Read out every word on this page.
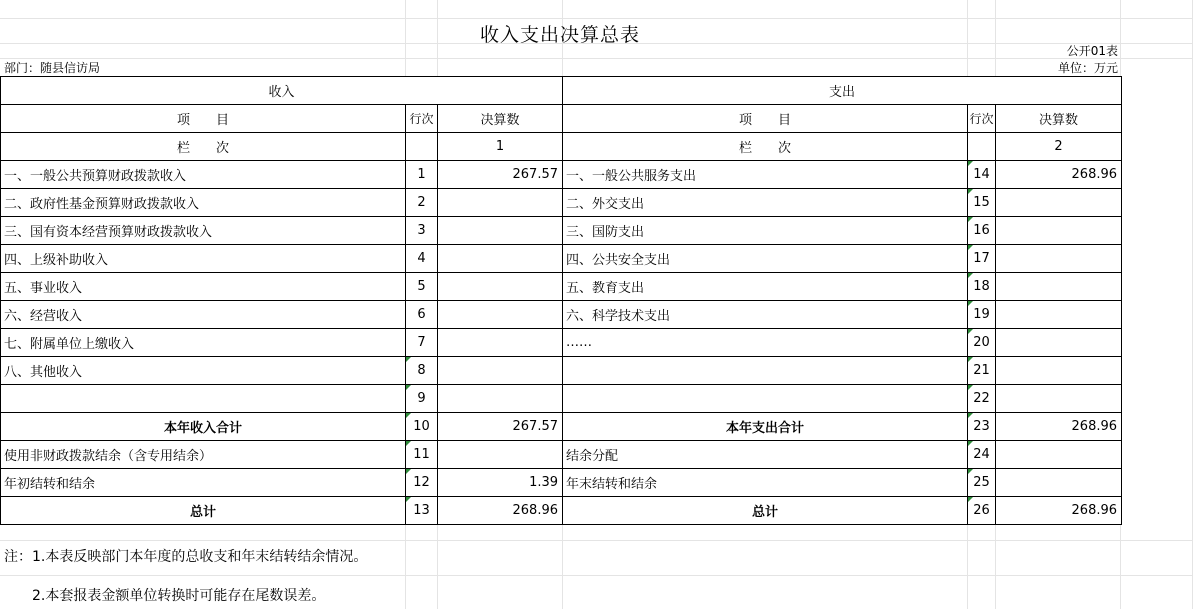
收入支出决算总表
公开01表
部门：随县信访局	单位：万元
收入			支出		
项　　目	行次	决算数	项　　目	行次	决算数
栏　　次		1	栏　　次		2
一、一般公共预算财政拨款收入	1	267.57	一、一般公共服务支出	14	268.96
二、政府性基金预算财政拨款收入	2		二、外交支出	15	
三、国有资本经营预算财政拨款收入	3		三、国防支出	16	
四、上级补助收入	4		四、公共安全支出	17	
五、事业收入	5		五、教育支出	18	
六、经营收入	6		六、科学技术支出	19	
七、附属单位上缴收入	7		……	20	
八、其他收入	8			21	
	9			22	
本年收入合计	10	267.57	本年支出合计	23	268.96
使用非财政拨款结余（含专用结余）	11		结余分配	24	
年初结转和结余	12	1.39	年末结转和结余	25	
总计	13	268.96	总计	26	268.96
注：1.本表反映部门本年度的总收支和年末结转结余情况。
　　2.本套报表金额单位转换时可能存在尾数误差。
